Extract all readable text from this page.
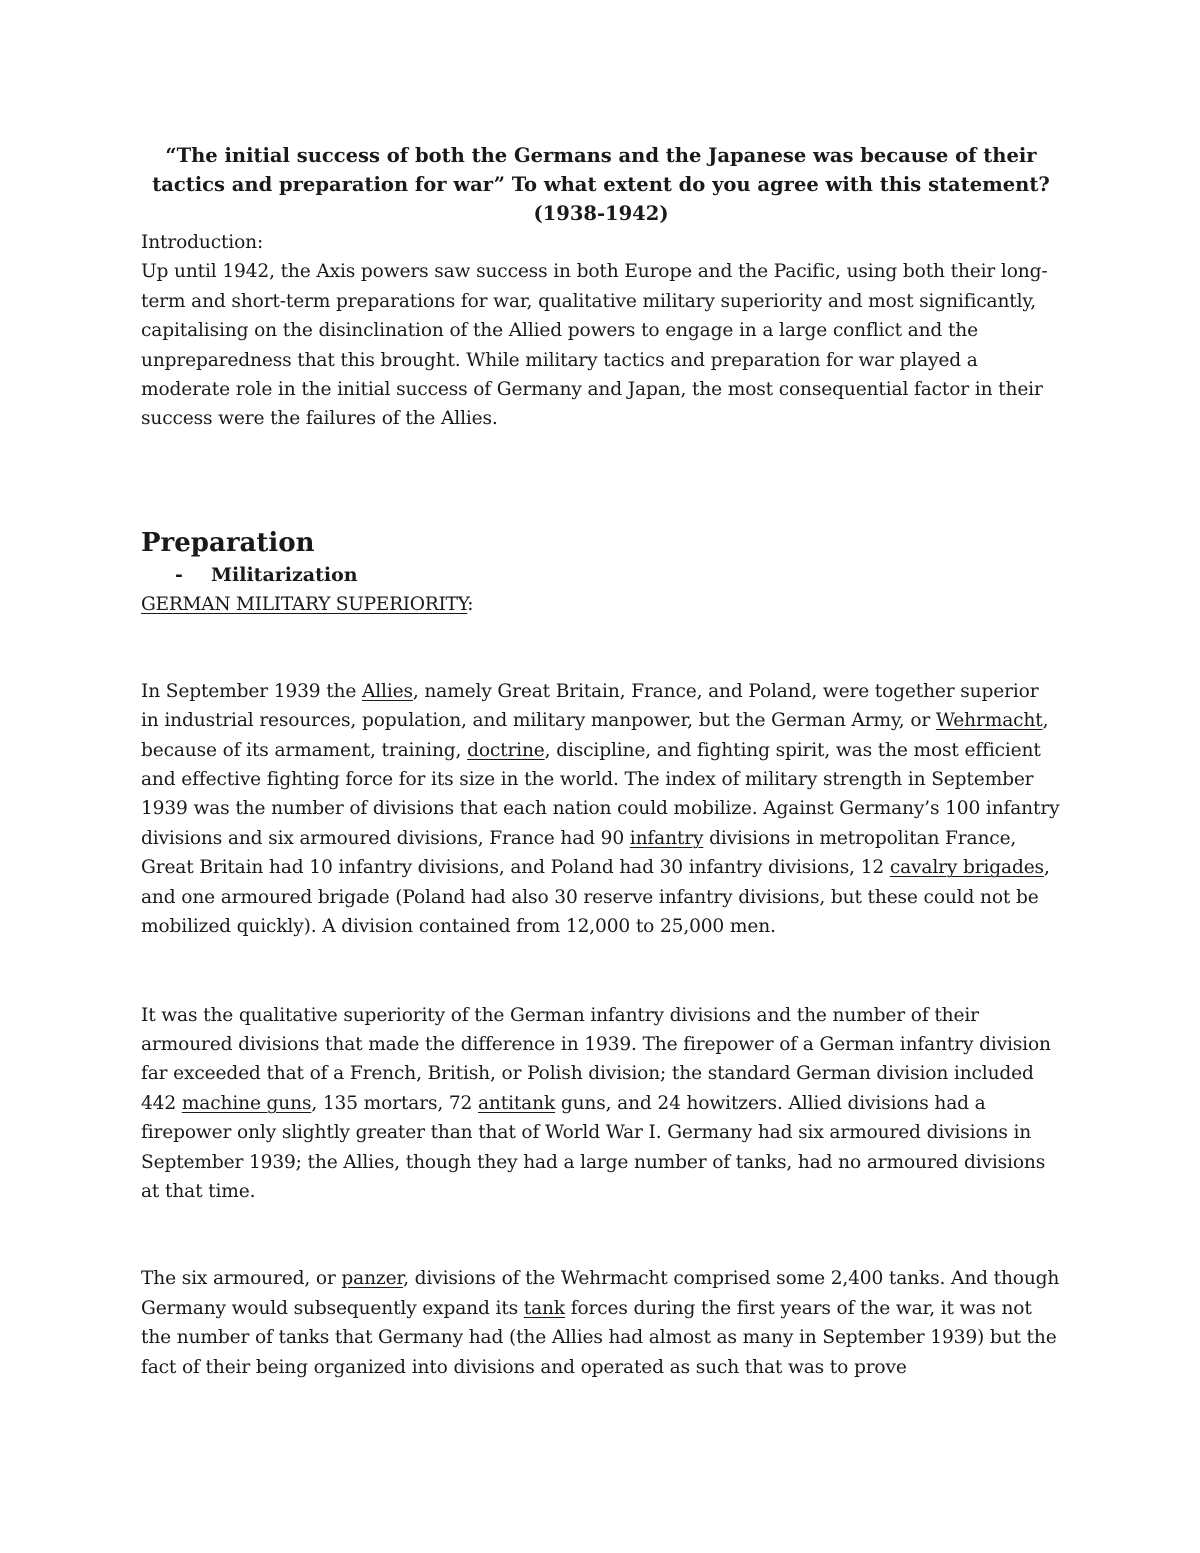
“The initial success of both the Germans and the Japanese was because of their
tactics and preparation for war” To what extent do you agree with this statement?
(1938-1942)

Introduction:

Up until 1942, the Axis powers saw success in both Europe and the Pacific, using both their long-term and short-term preparations for war, qualitative military superiority and most significantly, capitalising on the disinclination of the Allied powers to engage in a large conflict and the unpreparedness that this brought. While military tactics and preparation for war played a moderate role in the initial success of Germany and Japan, the most consequential factor in their success were the failures of the Allies.

Preparation
- Militarization

GERMAN MILITARY SUPERIORITY:

In September 1939 the Allies, namely Great Britain, France, and Poland, were together superior in industrial resources, population, and military manpower, but the German Army, or Wehrmacht, because of its armament, training, doctrine, discipline, and fighting spirit, was the most efficient and effective fighting force for its size in the world. The index of military strength in September 1939 was the number of divisions that each nation could mobilize. Against Germany’s 100 infantry divisions and six armoured divisions, France had 90 infantry divisions in metropolitan France, Great Britain had 10 infantry divisions, and Poland had 30 infantry divisions, 12 cavalry brigades, and one armoured brigade (Poland had also 30 reserve infantry divisions, but these could not be mobilized quickly). A division contained from 12,000 to 25,000 men.

It was the qualitative superiority of the German infantry divisions and the number of their armoured divisions that made the difference in 1939. The firepower of a German infantry division far exceeded that of a French, British, or Polish division; the standard German division included 442 machine guns, 135 mortars, 72 antitank guns, and 24 howitzers. Allied divisions had a firepower only slightly greater than that of World War I. Germany had six armoured divisions in September 1939; the Allies, though they had a large number of tanks, had no armoured divisions at that time.

The six armoured, or panzer, divisions of the Wehrmacht comprised some 2,400 tanks. And though Germany would subsequently expand its tank forces during the first years of the war, it was not the number of tanks that Germany had (the Allies had almost as many in September 1939) but the fact of their being organized into divisions and operated as such that was to prove
